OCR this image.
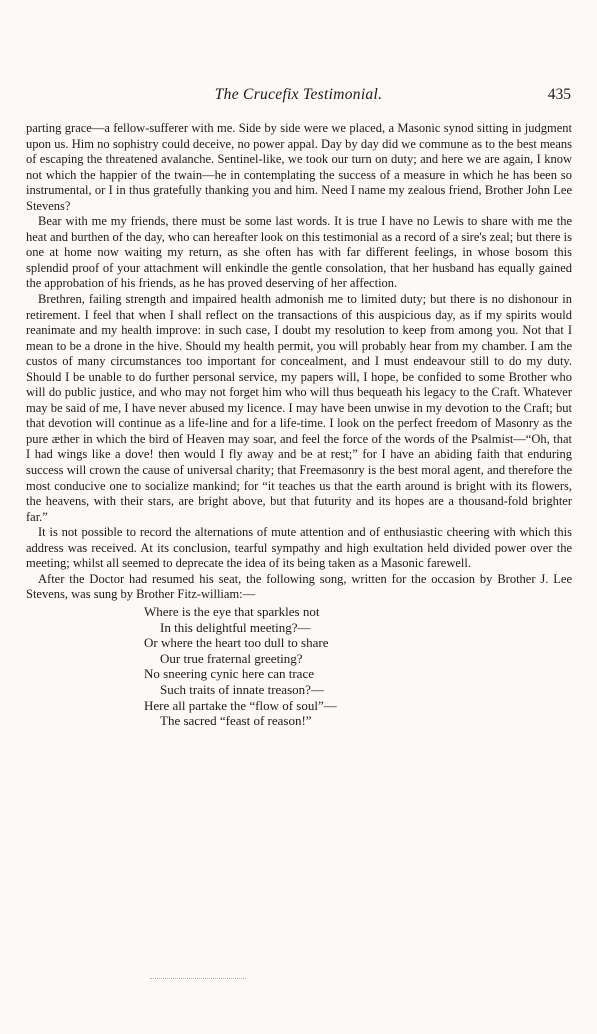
The Crucefix Testimonial.	435

parting grace—a fellow-sufferer with me. Side by side were we placed, a Masonic synod sitting in judgment upon us. Him no sophistry could deceive, no power appal. Day by day did we commune as to the best means of escaping the threatened avalanche. Sentinel-like, we took our turn on duty; and here we are again, I know not which the happier of the twain—he in contemplating the success of a measure in which he has been so instrumental, or I in thus gratefully thanking you and him. Need I name my zealous friend, Brother John Lee Stevens?

Bear with me my friends, there must be some last words. It is true I have no Lewis to share with me the heat and burthen of the day, who can hereafter look on this testimonial as a record of a sire's zeal; but there is one at home now waiting my return, as she often has with far different feelings, in whose bosom this splendid proof of your attachment will enkindle the gentle consolation, that her husband has equally gained the approbation of his friends, as he has proved deserving of her affection.

Brethren, failing strength and impaired health admonish me to limited duty; but there is no dishonour in retirement. I feel that when I shall reflect on the transactions of this auspicious day, as if my spirits would reanimate and my health improve: in such case, I doubt my resolution to keep from among you. Not that I mean to be a drone in the hive. Should my health permit, you will probably hear from my chamber. I am the custos of many circumstances too important for concealment, and I must endeavour still to do my duty. Should I be unable to do further personal service, my papers will, I hope, be confided to some Brother who will do public justice, and who may not forget him who will thus bequeath his legacy to the Craft. Whatever may be said of me, I have never abused my licence. I may have been unwise in my devotion to the Craft; but that devotion will continue as a life-line and for a life-time. I look on the perfect freedom of Masonry as the pure æther in which the bird of Heaven may soar, and feel the force of the words of the Psalmist—“Oh, that I had wings like a dove! then would I fly away and be at rest;” for I have an abiding faith that enduring success will crown the cause of universal charity; that Freemasonry is the best moral agent, and therefore the most conducive one to socialize mankind; for “it teaches us that the earth around is bright with its flowers, the heavens, with their stars, are bright above, but that futurity and its hopes are a thousand-fold brighter far.”

It is not possible to record the alternations of mute attention and of enthusiastic cheering with which this address was received. At its conclusion, tearful sympathy and high exultation held divided power over the meeting; whilst all seemed to deprecate the idea of its being taken as a Masonic farewell.

After the Doctor had resumed his seat, the following song, written for the occasion by Brother J. Lee Stevens, was sung by Brother Fitz-william:—

Where is the eye that sparkles not

In this delightful meeting?—

Or where the heart too dull to share

Our true fraternal greeting?

No sneering cynic here can trace

Such traits of innate treason?—

Here all partake the “flow of soul”—

The sacred “feast of reason!”
